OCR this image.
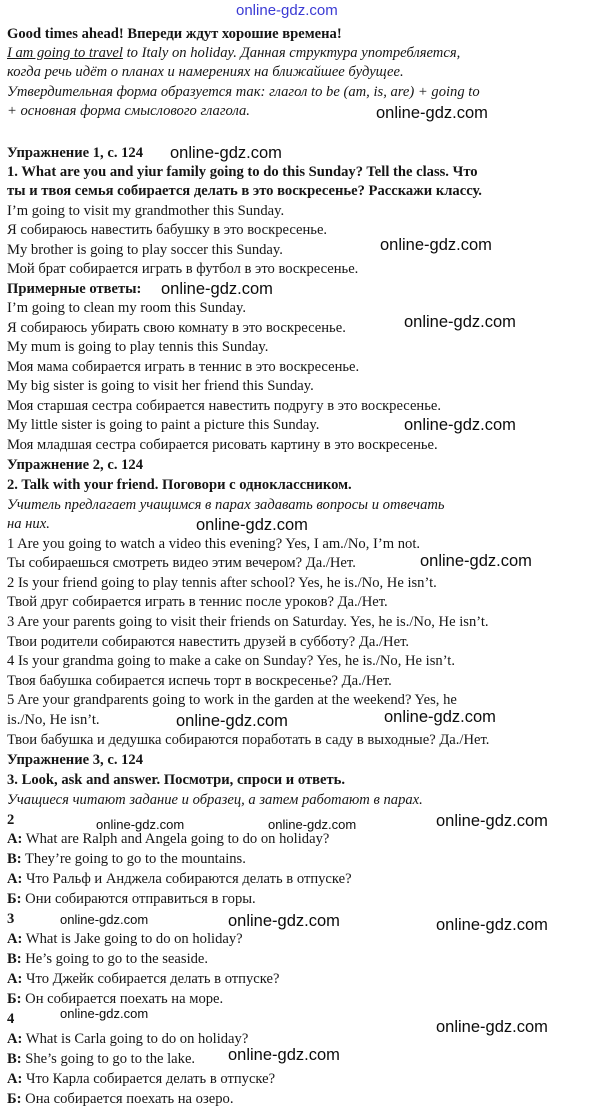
online-gdz.com
online-gdz.com
online-gdz.com
online-gdz.com
online-gdz.com
online-gdz.com
online-gdz.com
online-gdz.com
online-gdz.com
online-gdz.com	online-gdz.com
online-gdz.com
online-gdz.com	online-gdz.com
online-gdz.com	online-gdz.com	online-gdz.com
online-gdz.com
online-gdz.com
online-gdz.com
Good times ahead! Впереди ждут хорошие времена!
I am going to travel to Italy on holiday. Данная структура употребляется,
когда речь идёт о планах и намерениях на ближайшее будущее.
Утвердительная форма образуется так: глагол to be (am, is, are) + going to
+ основная форма смыслового глагола.
Упражнение 1, с. 124
1. What are you and yiur family going to do this Sunday? Tell the class. Что
ты и твоя семья собирается делать в это воскресенье? Расскажи классу.
I’m going to visit my grandmother this Sunday.
Я собираюсь навестить бабушку в это воскресенье.
My brother is going to play soccer this Sunday.
Мой брат собирается играть в футбол в это воскресенье.
Примерные ответы:
I’m going to clean my room this Sunday.
Я собираюсь убирать свою комнату в это воскресенье.
My mum is going to play tennis this Sunday.
Моя мама собирается играть в теннис в это воскресенье.
My big sister is going to visit her friend this Sunday.
Моя старшая сестра собирается навестить подругу в это воскресенье.
My little sister is going to paint a picture this Sunday.
Моя младшая сестра собирается рисовать картину в это воскресенье.
Упражнение 2, с. 124
2. Talk with your friend. Поговори с одноклассником.
Учитель предлагает учащимся в парах задавать вопросы и отвечать
на них.
1 Are you going to watch a video this evening? Yes, I am./No, I’m not.
Ты собираешься смотреть видео этим вечером? Да./Нет.
2 Is your friend going to play tennis after school? Yes, he is./No, He isn’t.
Твой друг собирается играть в теннис после уроков? Да./Нет.
3 Are your parents going to visit their friends on Saturday. Yes, he is./No, He isn’t.
Твои родители собираются навестить друзей в субботу? Да./Нет.
4 Is your grandma going to make a cake on Sunday? Yes, he is./No, He isn’t.
Твоя бабушка собирается испечь торт в воскресенье? Да./Нет.
5 Are your grandparents going to work in the garden at the weekend? Yes, he
is./No, He isn’t.
Твои бабушка и дедушка собираются поработать в саду в выходные? Да./Нет.
Упражнение 3, с. 124
3. Look, ask and answer. Посмотри, спроси и ответь.
Учащиеся читают задание и образец, а затем работают в парах.
2
A: What are Ralph and Angela going to do on holiday?
B: They’re going to go to the mountains.
А: Что Ральф и Анджела собираются делать в отпуске?
Б: Они собираются отправиться в горы.
3
A: What is Jake going to do on holiday?
B: He’s going to go to the seaside.
А: Что Джейк собирается делать в отпуске?
Б: Он собирается поехать на море.
4
A: What is Carla going to do on holiday?
B: She’s going to go to the lake.
А: Что Карла собирается делать в отпуске?
Б: Она собирается поехать на озеро.
